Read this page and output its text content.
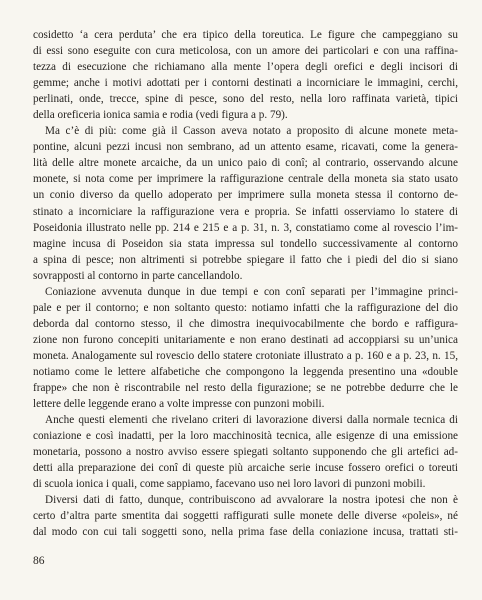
cosidetto ‘a cera perduta’ che era tipico della toreutica. Le figure che campeggiano su
di essi sono eseguite con cura meticolosa, con un amore dei particolari e con una raffina-
tezza di esecuzione che richiamano alla mente l’opera degli orefici e degli incisori di
gemme; anche i motivi adottati per i contorni destinati a incorniciare le immagini, cerchi,
perlinati, onde, trecce, spine di pesce, sono del resto, nella loro raffinata varietà, tipici
della oreficeria ionica samia e rodia (vedi figura a p. 79).
Ma c’è di più: come già il Casson aveva notato a proposito di alcune monete meta-
pontine, alcuni pezzi incusi non sembrano, ad un attento esame, ricavati, come la genera-
lità delle altre monete arcaiche, da un unico paio di conî; al contrario, osservando alcune
monete, si nota come per imprimere la raffigurazione centrale della moneta sia stato usato
un conio diverso da quello adoperato per imprimere sulla moneta stessa il contorno de-
stinato a incorniciare la raffigurazione vera e propria. Se infatti osserviamo lo statere di
Poseidonia illustrato nelle pp. 214 e 215 e a p. 31, n. 3, constatiamo come al rovescio l’im-
magine incusa di Poseidon sia stata impressa sul tondello successivamente al contorno
a spina di pesce; non altrimenti si potrebbe spiegare il fatto che i piedi del dio si siano
sovrapposti al contorno in parte cancellandolo.
Coniazione avvenuta dunque in due tempi e con conî separati per l’immagine princi-
pale e per il contorno; e non soltanto questo: notiamo infatti che la raffigurazione del dio
deborda dal contorno stesso, il che dimostra inequivocabilmente che bordo e raffigura-
zione non furono concepiti unitariamente e non erano destinati ad accoppiarsi su un’unica
moneta. Analogamente sul rovescio dello statere crotoniate illustrato a p. 160 e a p. 23, n. 15,
notiamo come le lettere alfabetiche che compongono la leggenda presentino una «double
frappe» che non è riscontrabile nel resto della figurazione; se ne potrebbe dedurre che le
lettere delle leggende erano a volte impresse con punzoni mobili.
Anche questi elementi che rivelano criteri di lavorazione diversi dalla normale tecnica di
coniazione e così inadatti, per la loro macchinosità tecnica, alle esigenze di una emissione
monetaria, possono a nostro avviso essere spiegati soltanto supponendo che gli artefici ad-
detti alla preparazione dei conî di queste più arcaiche serie incuse fossero orefici o toreuti
di scuola ionica i quali, come sappiamo, facevano uso nei loro lavori di punzoni mobili.
Diversi dati di fatto, dunque, contribuiscono ad avvalorare la nostra ipotesi che non è
certo d’altra parte smentita dai soggetti raffigurati sulle monete delle diverse «poleis», né
dal modo con cui tali soggetti sono, nella prima fase della coniazione incusa, trattati sti-
86
